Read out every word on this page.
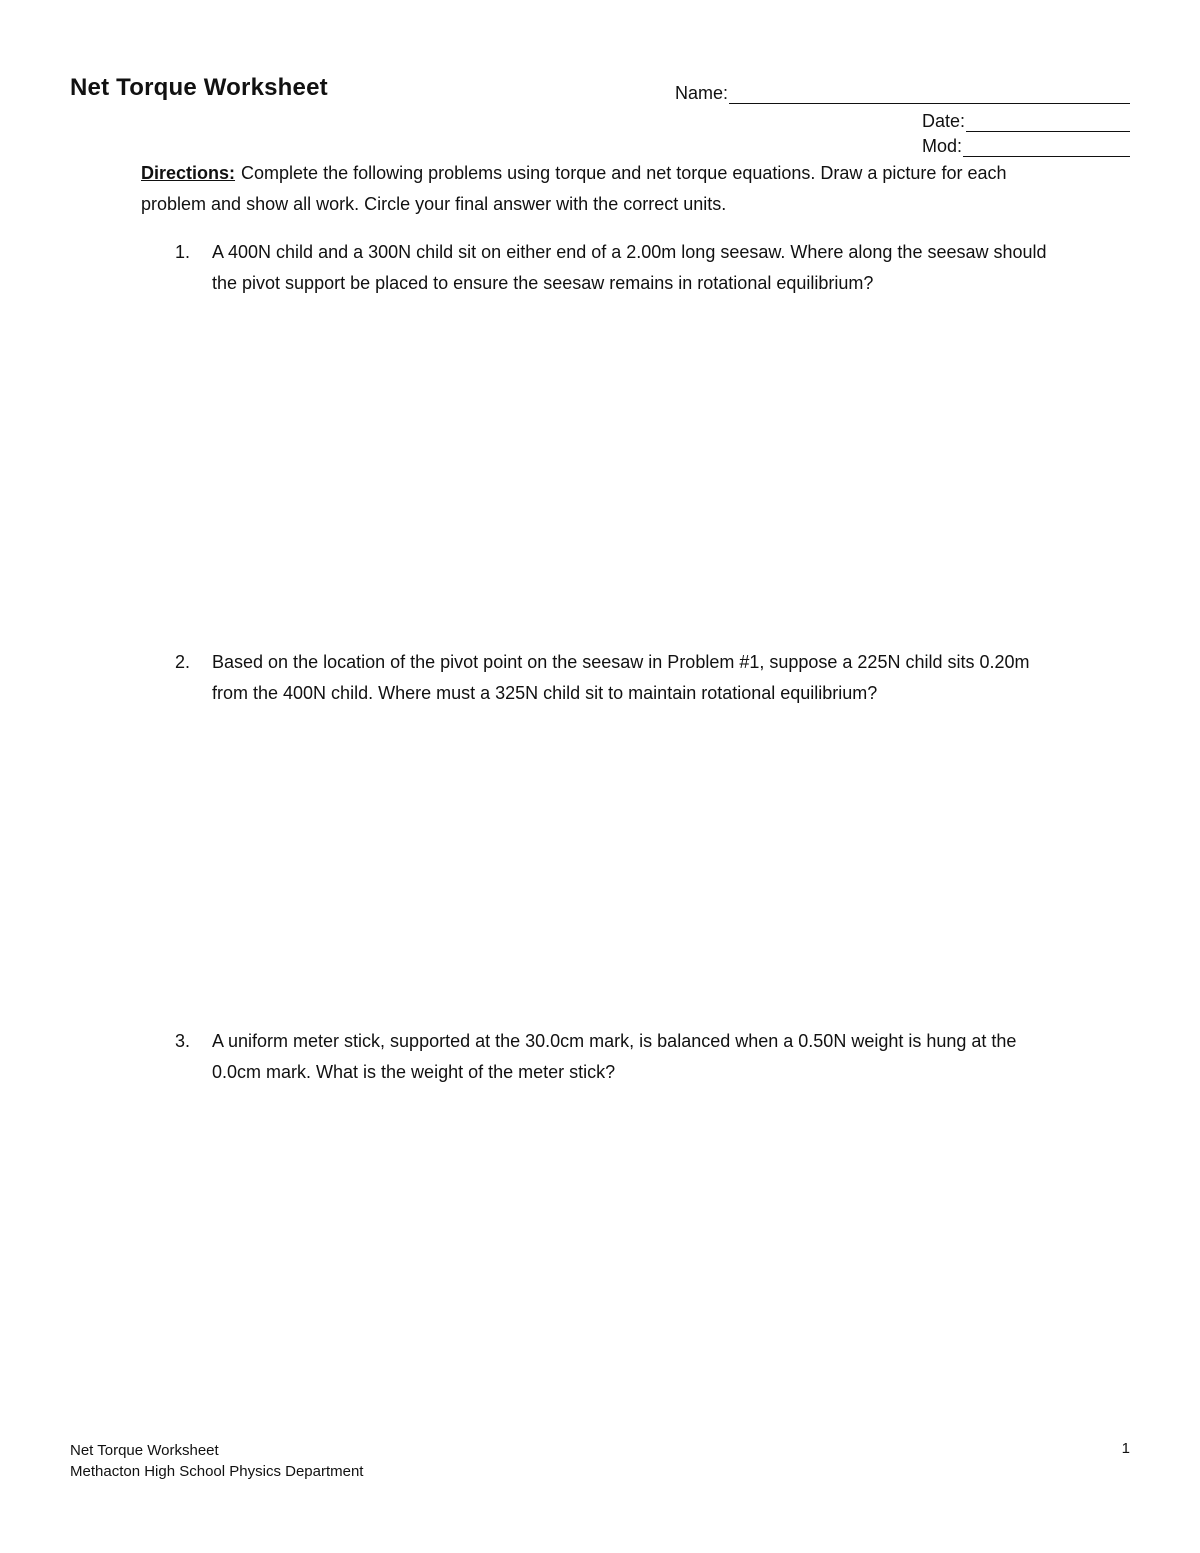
Net Torque Worksheet	Name:
Date:
Mod:
Directions: Complete the following problems using torque and net torque equations. Draw a picture for each problem and show all work. Circle your final answer with the correct units.
1.	A 400N child and a 300N child sit on either end of a 2.00m long seesaw. Where along the seesaw should the pivot support be placed to ensure the seesaw remains in rotational equilibrium?
2.	Based on the location of the pivot point on the seesaw in Problem #1, suppose a 225N child sits 0.20m from the 400N child. Where must a 325N child sit to maintain rotational equilibrium?
3.	A uniform meter stick, supported at the 30.0cm mark, is balanced when a 0.50N weight is hung at the 0.0cm mark. What is the weight of the meter stick?
Net Torque Worksheet
Methacton High School Physics Department
1
